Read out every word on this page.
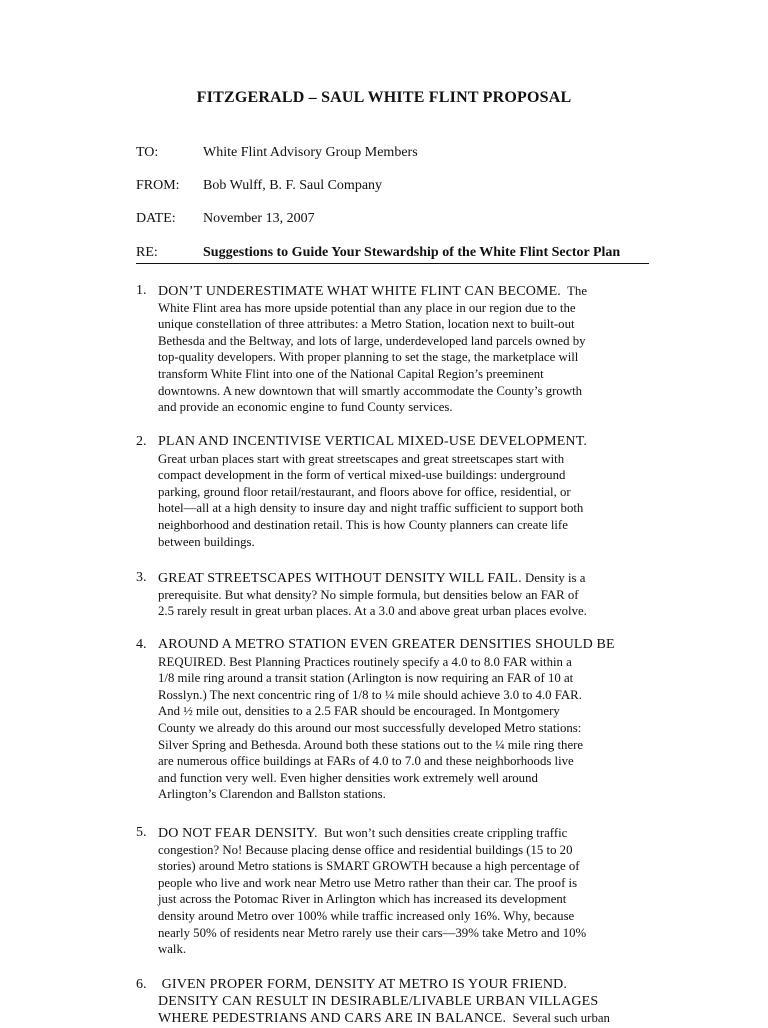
FITZGERALD – SAUL WHITE FLINT PROPOSAL
TO:	White Flint Advisory Group Members
FROM: Bob Wulff, B. F. Saul Company
DATE: November 13, 2007
RE:	Suggestions to Guide Your Stewardship of the White Flint Sector Plan
1. DON’T UNDERESTIMATE WHAT WHITE FLINT CAN BECOME.  The
White Flint area has more upside potential than any place in our region due to the
unique constellation of three attributes: a Metro Station, location next to built-out
Bethesda and the Beltway, and lots of large, underdeveloped land parcels owned by
top-quality developers. With proper planning to set the stage, the marketplace will
transform White Flint into one of the National Capital Region’s preeminent
downtowns. A new downtown that will smartly accommodate the County’s growth
and provide an economic engine to fund County services.
2. PLAN AND INCENTIVISE VERTICAL MIXED-USE DEVELOPMENT.
Great urban places start with great streetscapes and great streetscapes start with
compact development in the form of vertical mixed-use buildings: underground
parking, ground floor retail/restaurant, and floors above for office, residential, or
hotel—all at a high density to insure day and night traffic sufficient to support both
neighborhood and destination retail. This is how County planners can create life
between buildings.
3. GREAT STREETSCAPES WITHOUT DENSITY WILL FAIL. Density is a
prerequisite. But what density? No simple formula, but densities below an FAR of
2.5 rarely result in great urban places. At a 3.0 and above great urban places evolve.
4. AROUND A METRO STATION EVEN GREATER DENSITIES SHOULD BE
REQUIRED. Best Planning Practices routinely specify a 4.0 to 8.0 FAR within a
1/8 mile ring around a transit station (Arlington is now requiring an FAR of 10 at
Rosslyn.) The next concentric ring of 1/8 to ¼ mile should achieve 3.0 to 4.0 FAR.
And ½ mile out, densities to a 2.5 FAR should be encouraged. In Montgomery
County we already do this around our most successfully developed Metro stations:
Silver Spring and Bethesda. Around both these stations out to the ¼ mile ring there
are numerous office buildings at FARs of 4.0 to 7.0 and these neighborhoods live
and function very well. Even higher densities work extremely well around
Arlington’s Clarendon and Ballston stations.
5. DO NOT FEAR DENSITY.  But won’t such densities create crippling traffic
congestion? No! Because placing dense office and residential buildings (15 to 20
stories) around Metro stations is SMART GROWTH because a high percentage of
people who live and work near Metro use Metro rather than their car. The proof is
just across the Potomac River in Arlington which has increased its development
density around Metro over 100% while traffic increased only 16%. Why, because
nearly 50% of residents near Metro rarely use their cars—39% take Metro and 10%
walk.
6. GIVEN PROPER FORM, DENSITY AT METRO IS YOUR FRIEND.
DENSITY CAN RESULT IN DESIRABLE/LIVABLE URBAN VILLAGES
WHERE PEDESTRIANS AND CARS ARE IN BALANCE.  Several such urban
